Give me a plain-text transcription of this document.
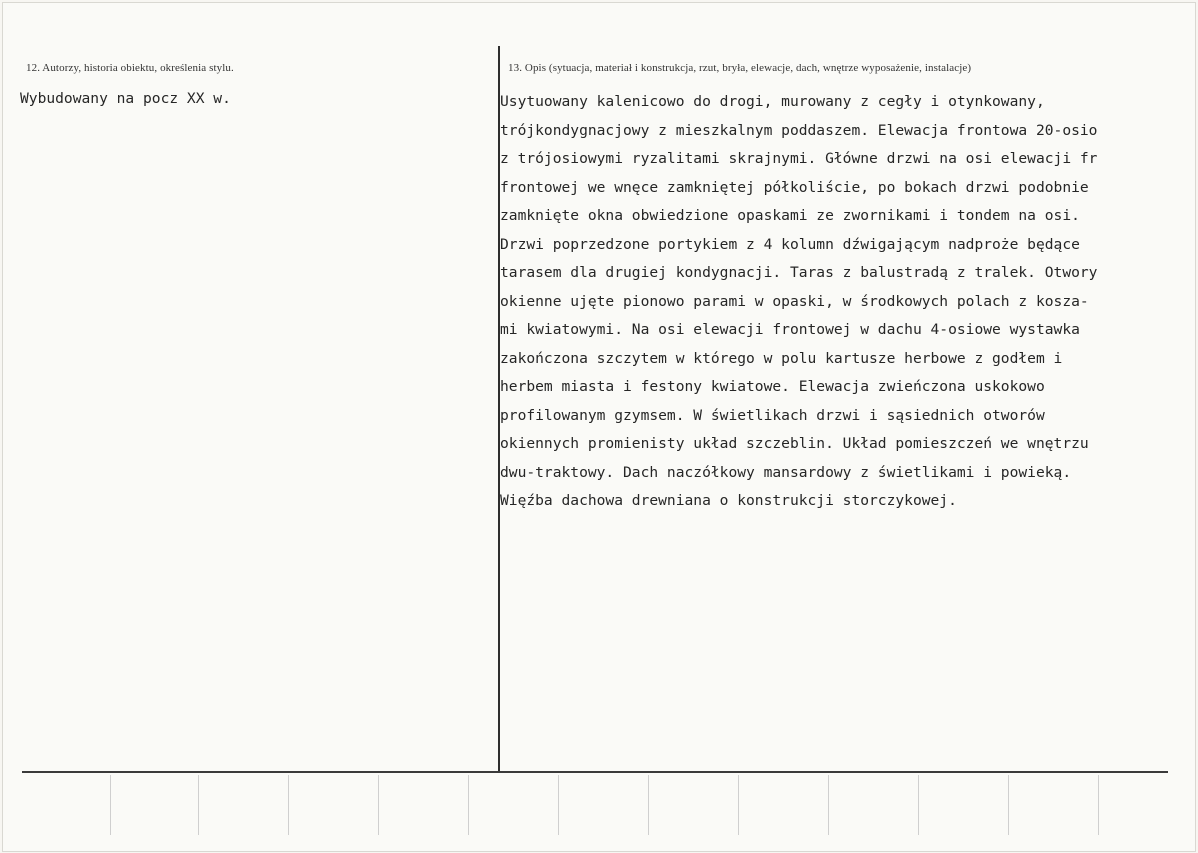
12. Autorzy, historia obiektu, określenia stylu.	13. Opis (sytuacja, materiał i konstrukcja, rzut, bryła, elewacje, dach, wnętrze wyposażenie, instalacje)
Wybudowany na pocz XX w.	Usytuowany kalenicowo do drogi, murowany z cegły i otynkowany,
trójkondygnacjowy z mieszkalnym poddaszem. Elewacja frontowa 20-osio
z trójosiowymi ryzalitami skrajnymi. Główne drzwi na osi elewacji fr
frontowej we wnęce zamkniętej półkoliście, po bokach drzwi podobnie
zamknięte okna obwiedzione opaskami ze zwornikami i tondem na osi.
Drzwi poprzedzone portykiem z 4 kolumn dźwigającym nadproże będące
tarasem dla drugiej kondygnacji. Taras z balustradą z tralek. Otwory
okienne ujęte pionowo parami w opaski, w środkowych polach z kosza-
mi kwiatowymi. Na osi elewacji frontowej w dachu 4-osiowe wystawka
zakończona szczytem w którego w polu kartusze herbowe z godłem i
herbem miasta i festony kwiatowe. Elewacja zwieńczona uskokowo
profilowanym gzymsem. W świetlikach drzwi i sąsiednich otworów
okiennych promienisty układ szczeblin. Układ pomieszczeń we wnętrzu
dwu-traktowy. Dach naczółkowy mansardowy z świetlikami i powieką.
Więźba dachowa drewniana o konstrukcji storczykowej.
